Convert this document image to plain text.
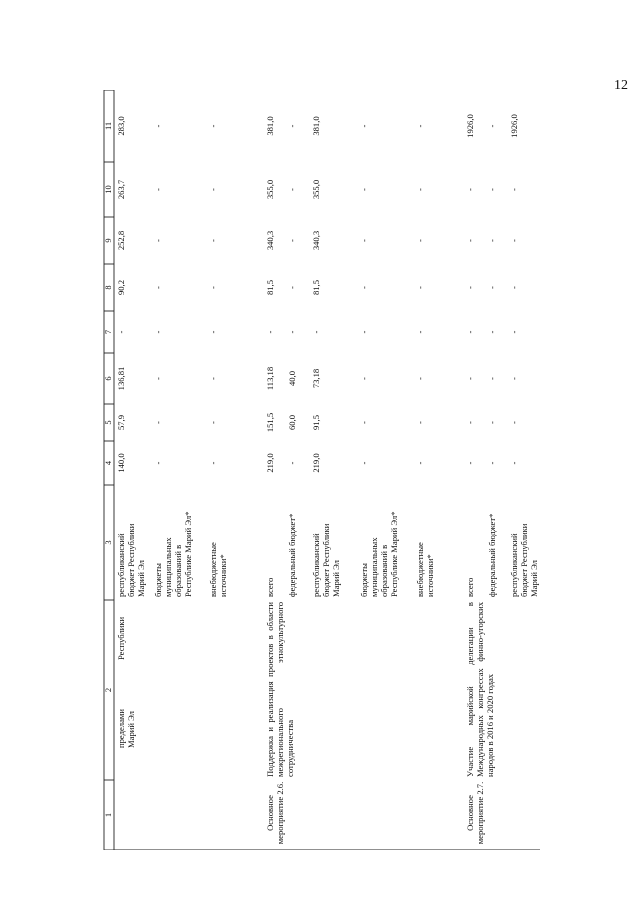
12
1
2
3
4
5
6
7
8
9
10
11
пределами
Марий Эл
Республики
республиканский
бюджет Республики
Марий Эл
140,0
57,9
136,81
-
90,2
252,8
263,7
283,0
бюджеты
муниципальных
образований в
Республике Марий Эл*
-
-
-
-
-
-
-
-
внебюджетные
источники*
-
-
-
-
-
-
-
-
Основное
мероприятие 2.6.
Поддержка и реализация проектов в области межрегионального этнокультурного сотрудничества
всего
219,0
151,5
113,18
-
81,5
340,3
355,0
381,0
федеральный бюджет*
-
60,0
40,0
-
-
-
-
-
республиканский
бюджет Республики
Марий Эл
219,0
91,5
73,18
-
81,5
340,3
355,0
381,0
бюджеты
муниципальных
образований в
Республике Марий Эл*
-
-
-
-
-
-
-
-
внебюджетные
источники*
-
-
-
-
-
-
-
-
Основное
мероприятие 2.7.
Участие марийской делегации в Международных конгрессах финно-угорских народов в 2016 и 2020 годах
всего
-
-
-
-
-
-
-
1926,0
федеральный бюджет*
-
-
-
-
-
-
-
-
республиканский
бюджет Республики
Марий Эл
-
-
-
-
-
-
-
1926,0
